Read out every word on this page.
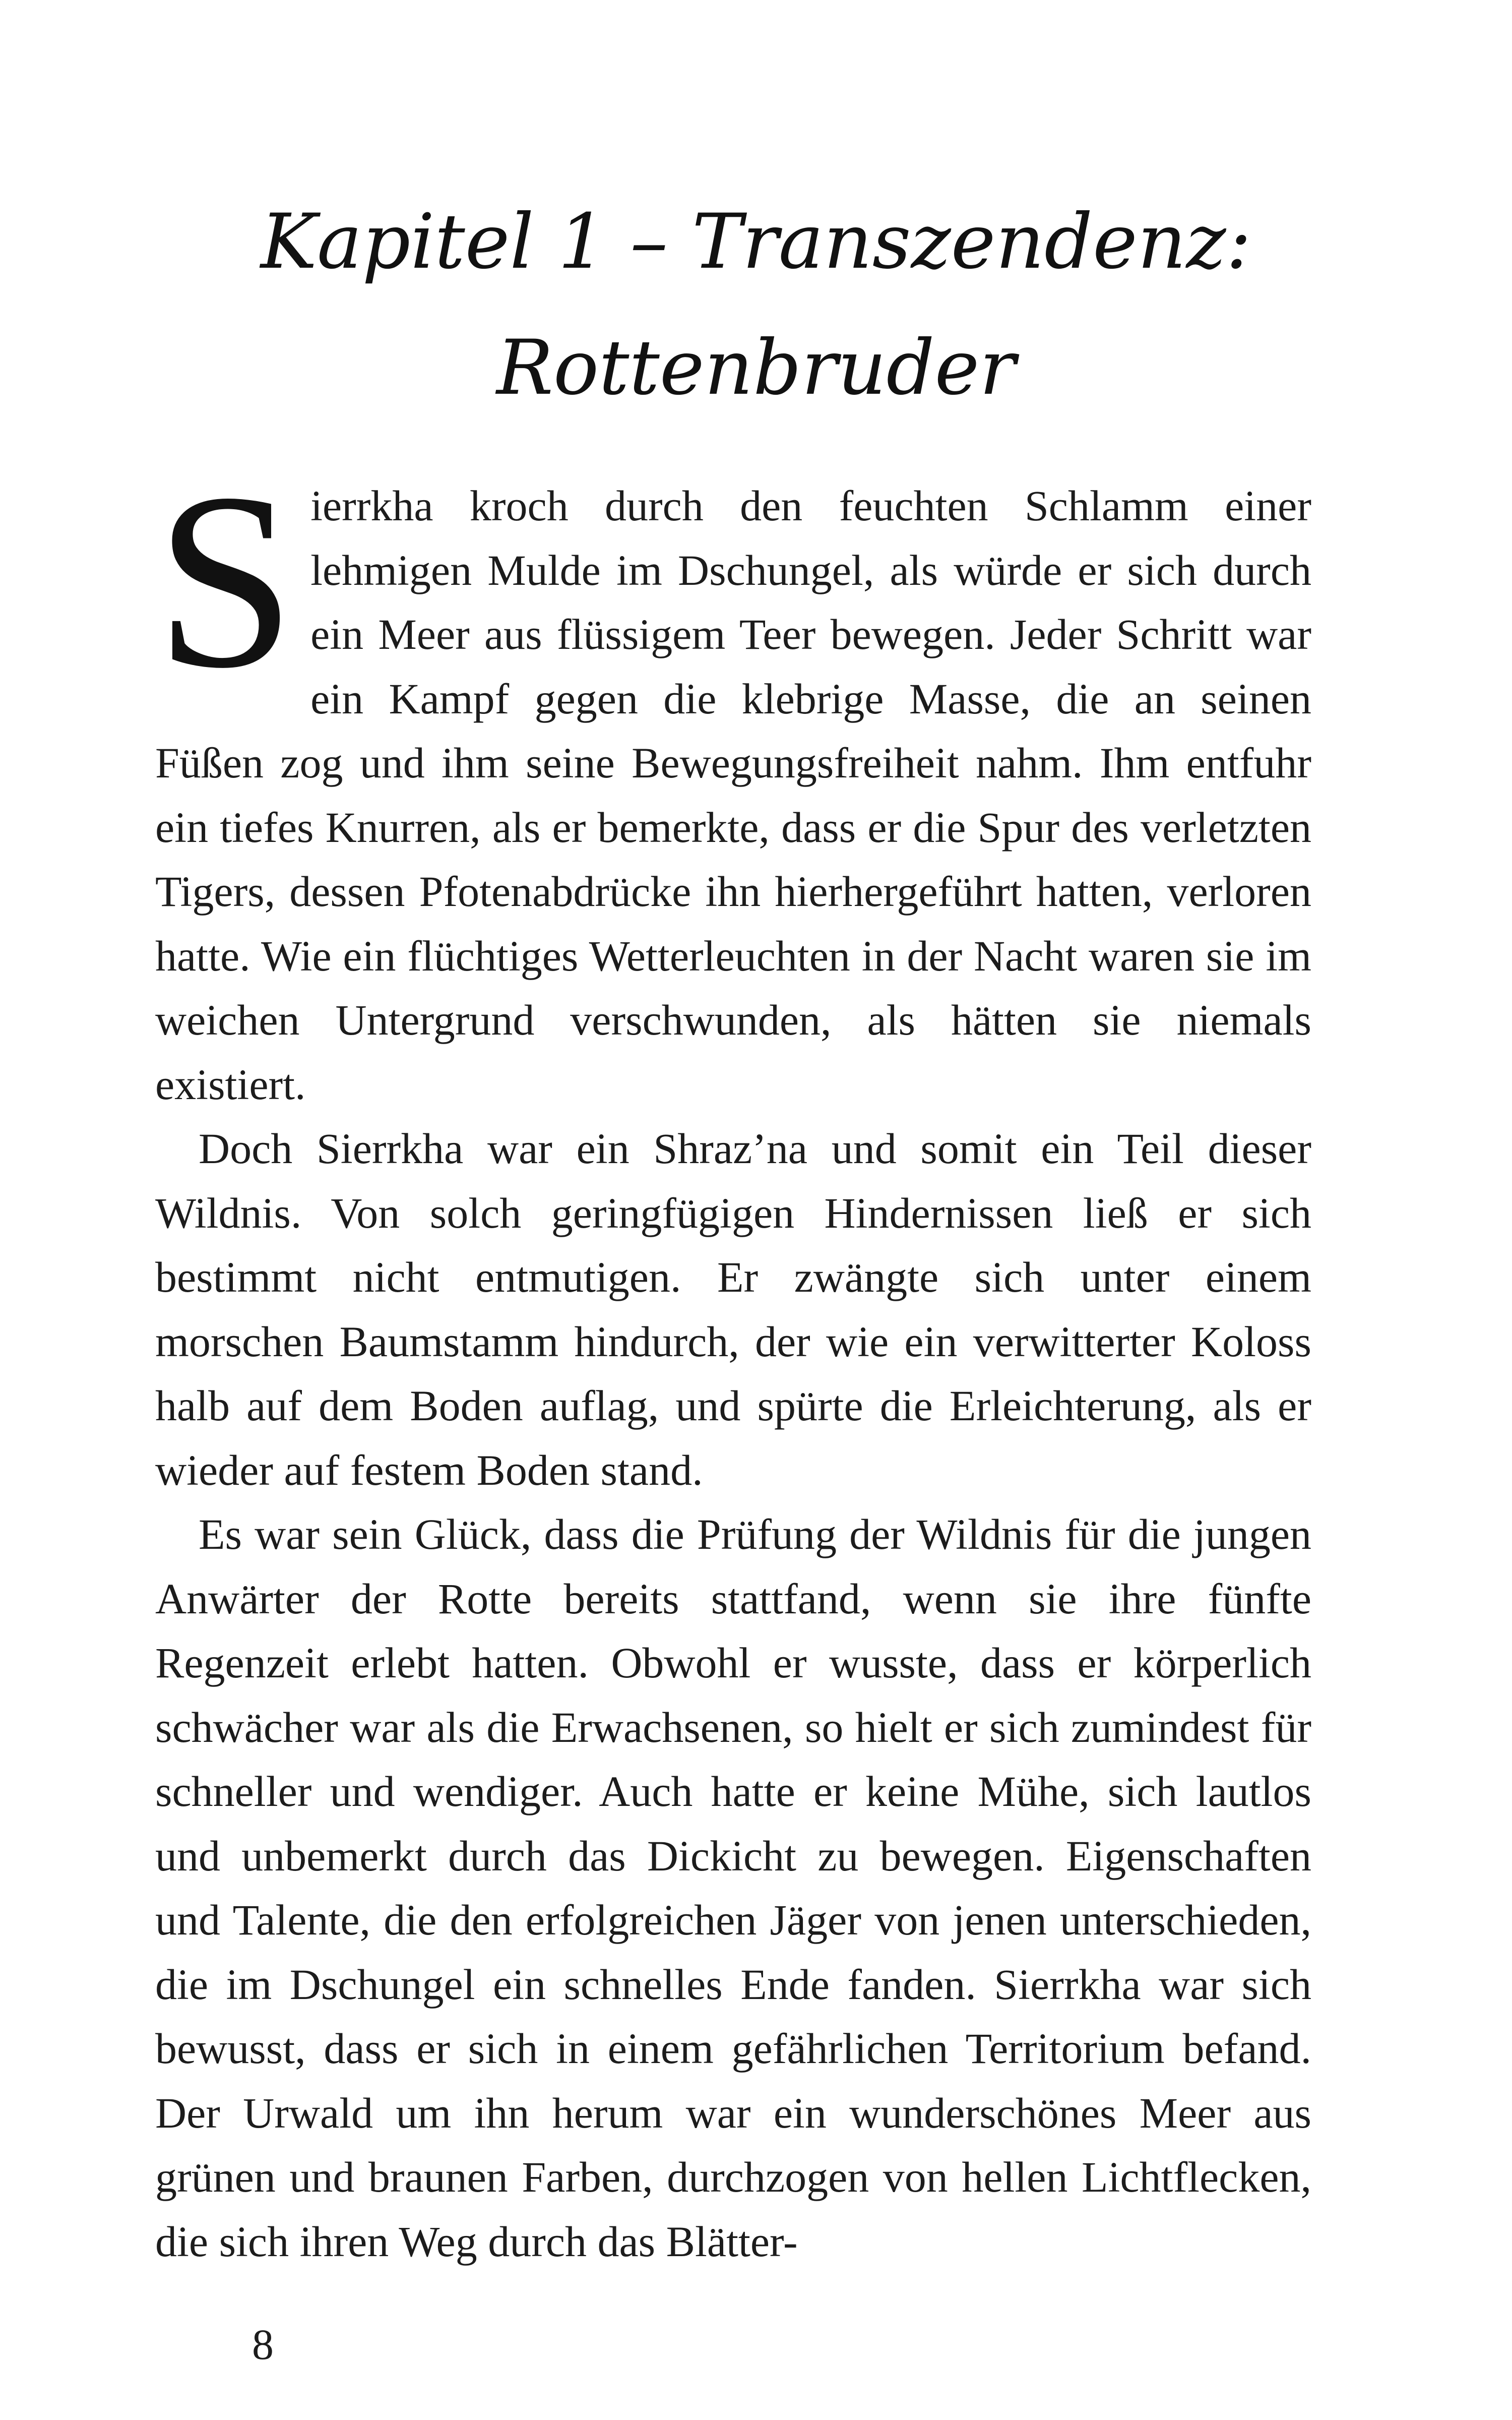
Kapitel 1 – Transzendenz:
Rottenbruder

Sierrkha kroch durch den feuchten Schlamm einer lehmigen Mulde im Dschungel, als würde er sich durch ein Meer aus flüssigem Teer bewegen. Jeder Schritt war ein Kampf gegen die klebrige Masse, die an seinen Füßen zog und ihm seine Bewegungsfreiheit nahm. Ihm entfuhr ein tiefes Knurren, als er bemerkte, dass er die Spur des verletzten Tigers, dessen Pfotenabdrücke ihn hierhergeführt hatten, verloren hatte. Wie ein flüchtiges Wetterleuchten in der Nacht waren sie im weichen Untergrund verschwunden, als hätten sie niemals existiert.

Doch Sierrkha war ein Shraz’na und somit ein Teil dieser Wildnis. Von solch geringfügigen Hindernissen ließ er sich bestimmt nicht entmutigen. Er zwängte sich unter einem morschen Baumstamm hindurch, der wie ein verwitterter Koloss halb auf dem Boden auflag, und spürte die Erleichterung, als er wieder auf festem Boden stand.

Es war sein Glück, dass die Prüfung der Wildnis für die jungen Anwärter der Rotte bereits stattfand, wenn sie ihre fünfte Regenzeit erlebt hatten. Obwohl er wusste, dass er körperlich schwächer war als die Erwachsenen, so hielt er sich zumindest für schneller und wendiger. Auch hatte er keine Mühe, sich lautlos und unbemerkt durch das Dickicht zu bewegen. Eigenschaften und Talente, die den erfolgreichen Jäger von jenen unterschieden, die im Dschungel ein schnelles Ende fanden. Sierrkha war sich bewusst, dass er sich in einem gefährlichen Territorium befand. Der Urwald um ihn herum war ein wunderschönes Meer aus grünen und braunen Farben, durchzogen von hellen Lichtflecken, die sich ihren Weg durch das Blätter-

8
